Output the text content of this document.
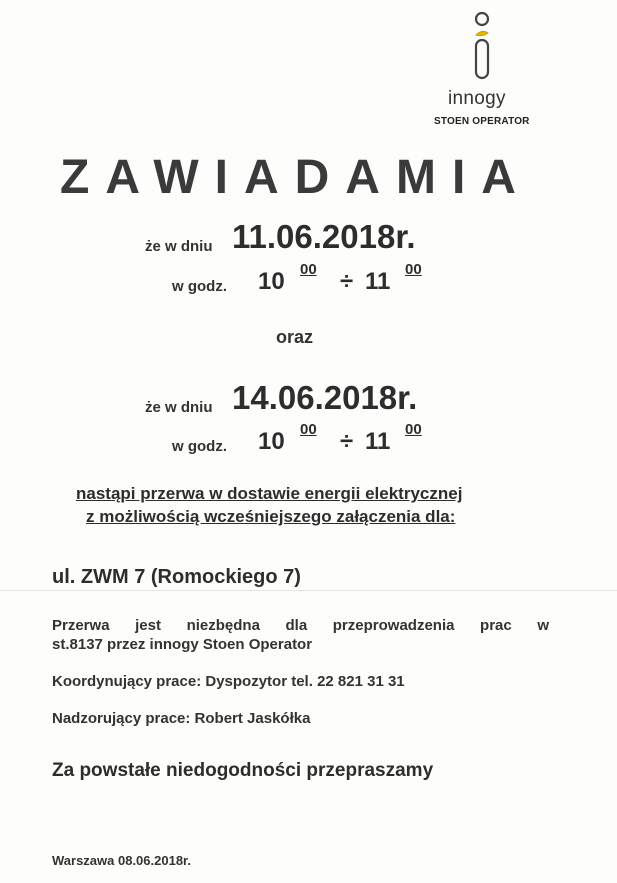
innogy
STOEN OPERATOR
ZAWIADAMIA
że w dniu 11.06.2018r.
w godz. 10 00 ÷ 11 00
oraz
że w dniu 14.06.2018r.
w godz. 10 00 ÷ 11 00
nastąpi przerwa w dostawie energii elektrycznej
z możliwością wcześniejszego załączenia dla:
ul. ZWM 7 (Romockiego 7)
Przerwa jest niezbędna dla przeprowadzenia prac w
st.8137 przez innogy Stoen Operator
Koordynujący prace: Dyspozytor tel. 22 821 31 31
Nadzorujący prace: Robert Jaskółka
Za powstałe niedogodności przepraszamy
Warszawa 08.06.2018r.
